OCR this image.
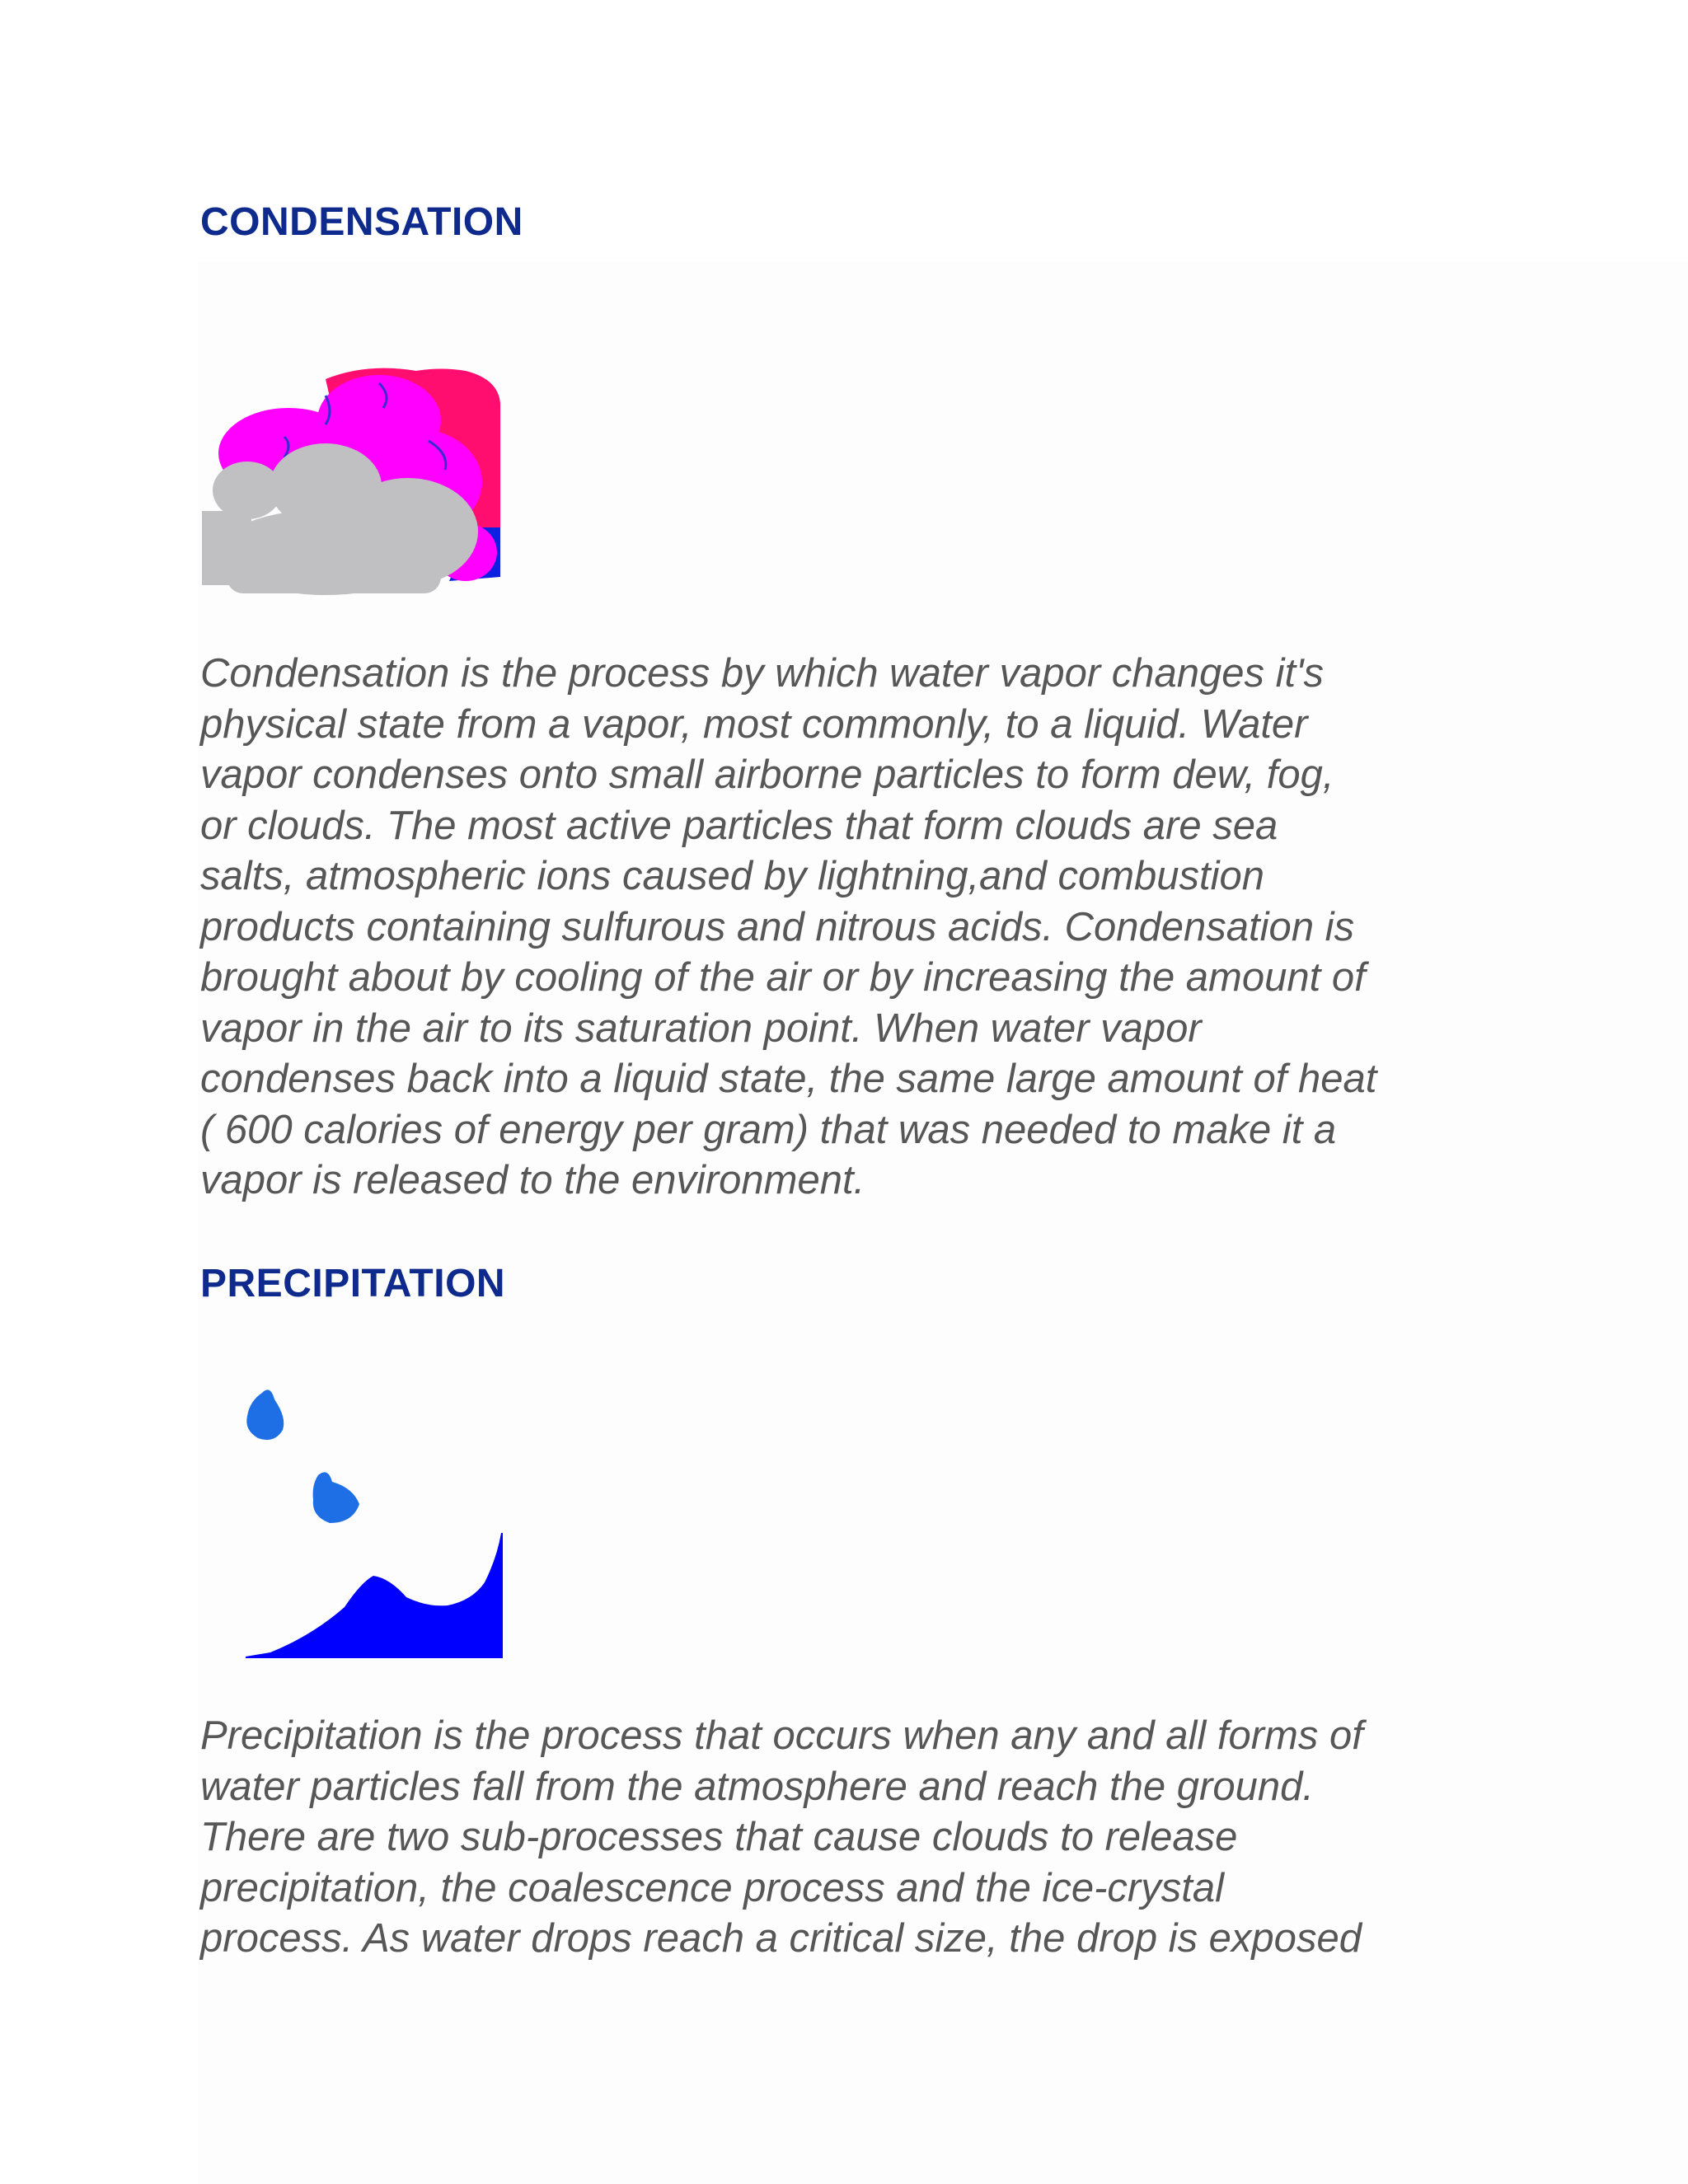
CONDENSATION

Condensation is the process by which water vapor changes it's
physical state from a vapor, most commonly, to a liquid. Water
vapor condenses onto small airborne particles to form dew, fog,
or clouds. The most active particles that form clouds are sea
salts, atmospheric ions caused by lightning,and combustion
products containing sulfurous and nitrous acids. Condensation is
brought about by cooling of the air or by increasing the amount of
vapor in the air to its saturation point. When water vapor
condenses back into a liquid state, the same large amount of heat
( 600 calories of energy per gram) that was needed to make it a
vapor is released to the environment.

PRECIPITATION

Precipitation is the process that occurs when any and all forms of
water particles fall from the atmosphere and reach the ground.
There are two sub-processes that cause clouds to release
precipitation, the coalescence process and the ice-crystal
process. As water drops reach a critical size, the drop is exposed
